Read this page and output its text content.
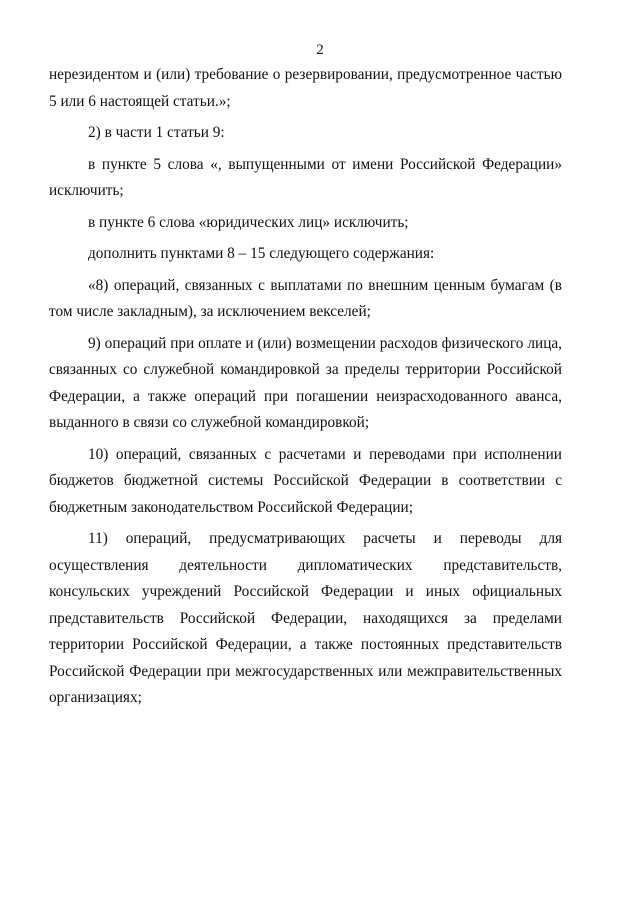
2

нерезидентом и (или) требование о резервировании, предусмотренное частью 5 или 6 настоящей статьи.»;

2) в части 1 статьи 9:

в пункте 5 слова «, выпущенными от имени Российской Федерации» исключить;

в пункте 6 слова «юридических лиц» исключить;

дополнить пунктами 8 – 15 следующего содержания:

«8) операций, связанных с выплатами по внешним ценным бумагам (в том числе закладным), за исключением векселей;

9) операций при оплате и (или) возмещении расходов физического лица, связанных со служебной командировкой за пределы территории Российской Федерации, а также операций при погашении неизрасходованного аванса, выданного в связи со служебной командировкой;

10) операций, связанных с расчетами и переводами при исполнении бюджетов бюджетной системы Российской Федерации в соответствии с бюджетным законодательством Российской Федерации;

11) операций, предусматривающих расчеты и переводы для осуществления деятельности дипломатических представительств, консульских учреждений Российской Федерации и иных официальных представительств Российской Федерации, находящихся за пределами территории Российской Федерации, а также постоянных представительств Российской Федерации при межгосударственных или межправительственных организациях;
